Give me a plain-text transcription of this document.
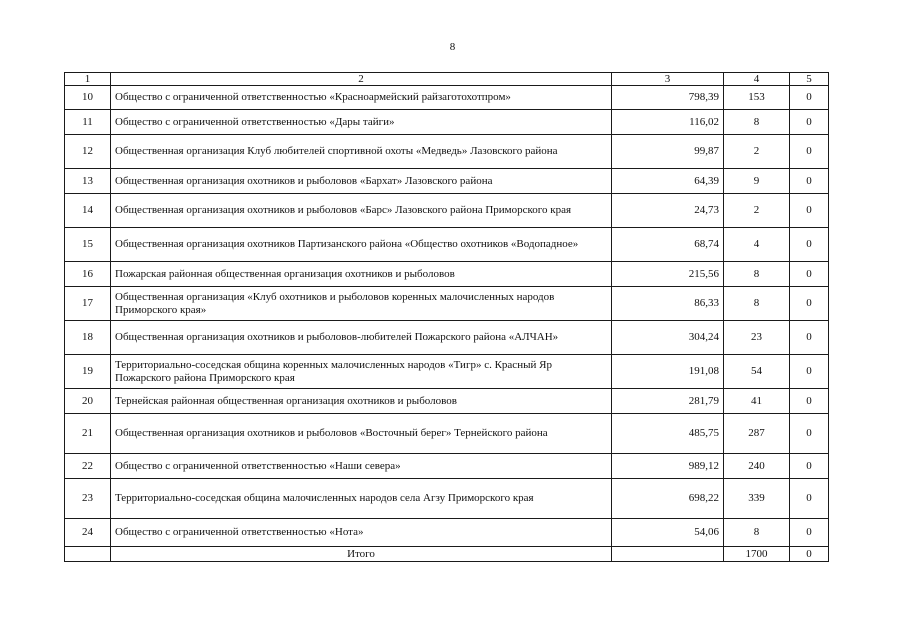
8
1	2	3	4	5
10	Общество с ограниченной ответственностью «Красноармейский райзаготохотпром»	798,39	153	0
11	Общество с ограниченной ответственностью «Дары тайги»	116,02	8	0
12	Общественная организация Клуб любителей спортивной охоты «Медведь» Лазовского района	99,87	2	0
13	Общественная организация охотников и рыболовов «Бархат» Лазовского района	64,39	9	0
14	Общественная организация охотников и рыболовов «Барс» Лазовского района Приморского края	24,73	2	0
15	Общественная организация охотников Партизанского района «Общество охотников «Водопадное»	68,74	4	0
16	Пожарская районная общественная организация охотников и рыболовов	215,56	8	0
17	Общественная организация «Клуб охотников и рыболовов коренных малочисленных народов Приморского края»	86,33	8	0
18	Общественная организация охотников и рыболовов-любителей Пожарского района «АЛЧАН»	304,24	23	0
19	Территориально-соседская община коренных малочисленных народов «Тигр» с. Красный Яр Пожарского района Приморского края	191,08	54	0
20	Тернейская районная общественная организация охотников и рыболовов	281,79	41	0
21	Общественная организация охотников и рыболовов «Восточный берег» Тернейского района	485,75	287	0
22	Общество с ограниченной ответственностью «Наши севера»	989,12	240	0
23	Территориально-соседская община малочисленных народов села Агзу Приморского края	698,22	339	0
24	Общество с ограниченной ответственностью «Нота»	54,06	8	0
	Итого		1700	0
